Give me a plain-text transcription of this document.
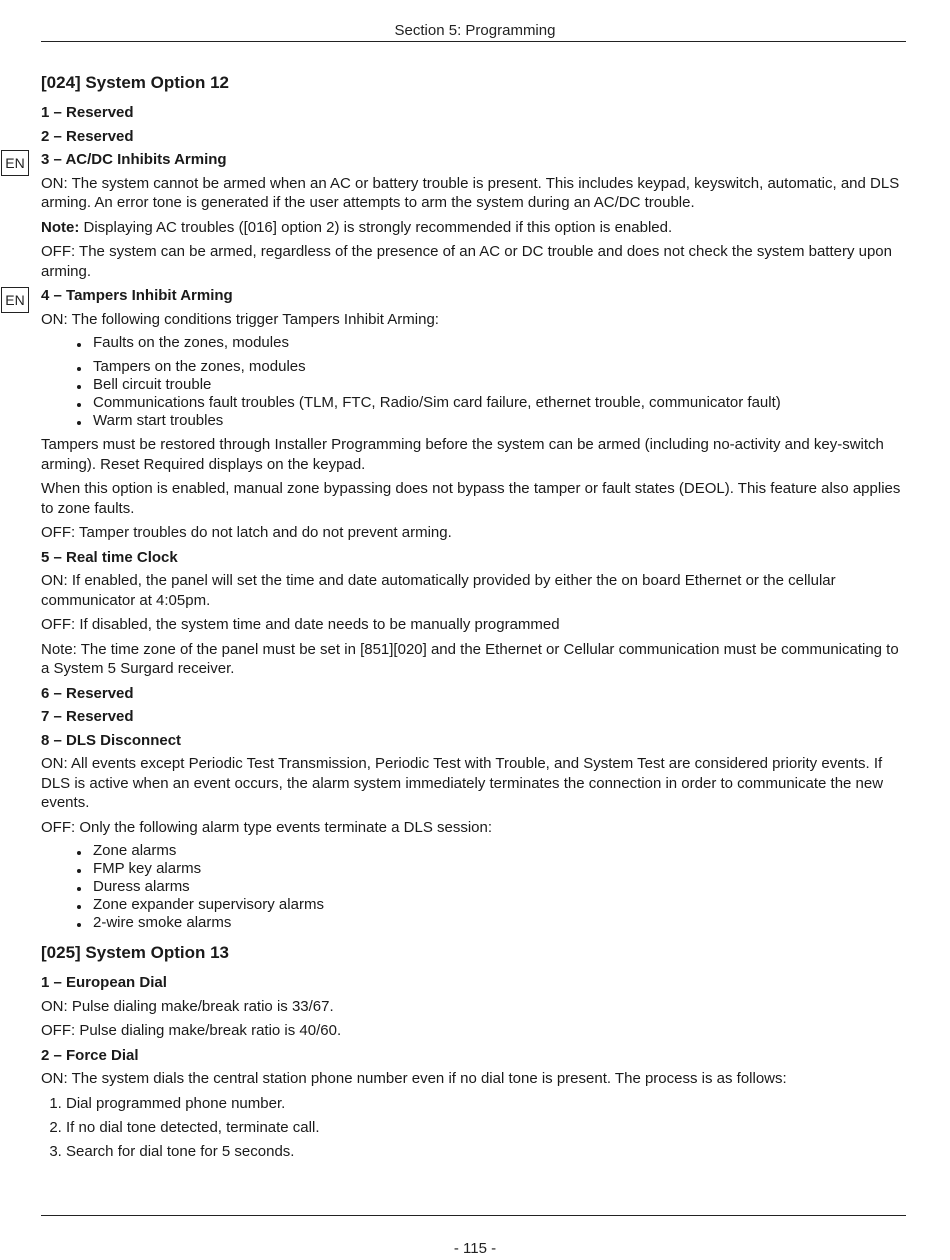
Section 5: Programming
EN
EN
[024] System Option 12
1 – Reserved
2 – Reserved
3 – AC/DC Inhibits Arming

ON: The system cannot be armed when an AC or battery trouble is present. This includes keypad, keyswitch, automatic, and DLS arming. An error tone is generated if the user attempts to arm the system during an AC/DC trouble.

Note: Displaying AC troubles ([016] option 2) is strongly recommended if this option is enabled.

OFF: The system can be armed, regardless of the presence of an AC or DC trouble and does not check the system battery upon arming.

4 – Tampers Inhibit Arming

ON: The following conditions trigger Tampers Inhibit Arming:

Faults on the zones, modules
Tampers on the zones, modules
Bell circuit trouble
Communications fault troubles (TLM, FTC, Radio/Sim card failure, ethernet trouble, communicator fault)
Warm start troubles

Tampers must be restored through Installer Programming before the system can be armed (including no-activity and key-switch arming). Reset Required displays on the keypad.

When this option is enabled, manual zone bypassing does not bypass the tamper or fault states (DEOL). This feature also applies to zone faults.

OFF: Tamper troubles do not latch and do not prevent arming.

5 – Real time Clock

ON: If enabled, the panel will set the time and date automatically provided by either the on board Ethernet or the cellular communicator at 4:05pm.

OFF: If disabled, the system time and date needs to be manually programmed

Note: The time zone of the panel must be set in [851][020] and the Ethernet or Cellular communication must be communicating to a System 5 Surgard receiver.

6 – Reserved
7 – Reserved
8 – DLS Disconnect

ON: All events except Periodic Test Transmission, Periodic Test with Trouble, and System Test are considered priority events. If DLS is active when an event occurs, the alarm system immediately terminates the connection in order to communicate the new events.

OFF: Only the following alarm type events terminate a DLS session:

Zone alarms
FMP key alarms
Duress alarms
Zone expander supervisory alarms
2-wire smoke alarms
[025] System Option 13
1 – European Dial

ON: Pulse dialing make/break ratio is 33/67.

OFF: Pulse dialing make/break ratio is 40/60.

2 – Force Dial

ON: The system dials the central station phone number even if no dial tone is present. The process is as follows:

1. Dial programmed phone number.
2. If no dial tone detected, terminate call.
3. Search for dial tone for 5 seconds.
- 115 -
